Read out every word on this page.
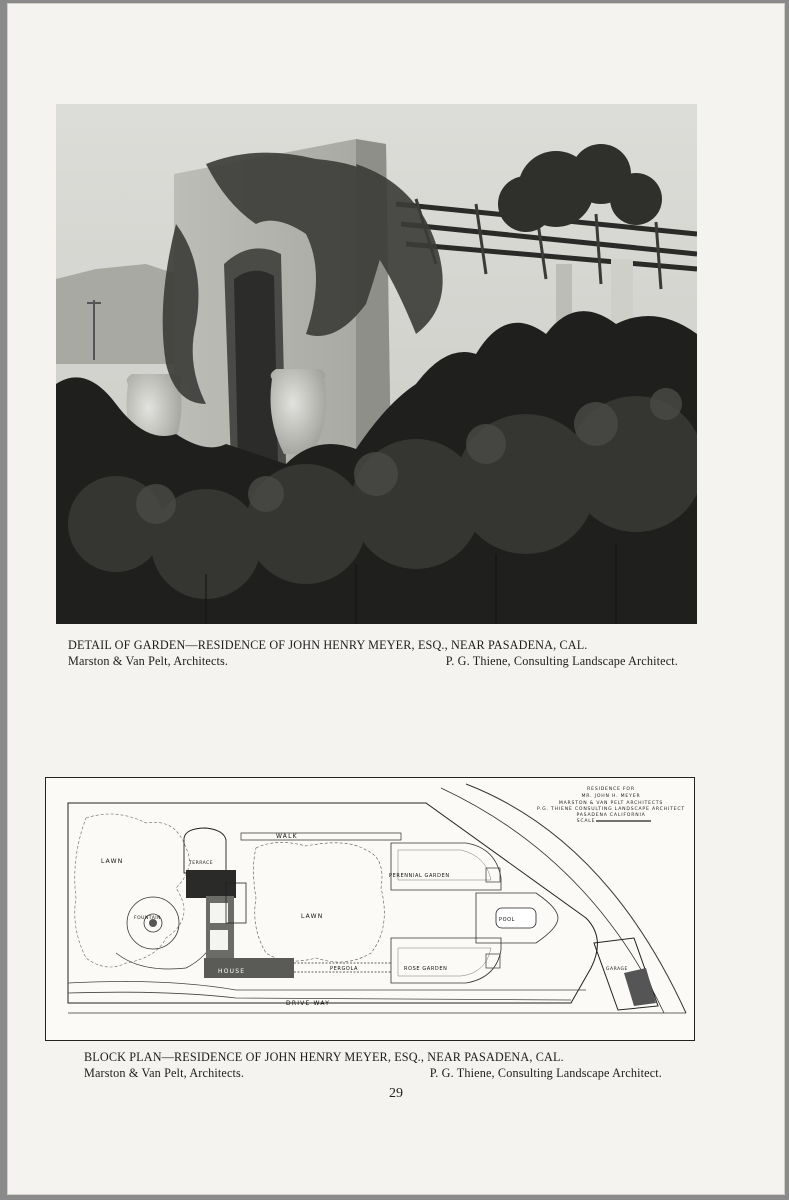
DETAIL OF GARDEN—RESIDENCE OF JOHN HENRY MEYER, ESQ., NEAR PASADENA, CAL.
Marston & Van Pelt, Architects.	P. G. Thiene, Consulting Landscape Architect.
RESIDENCE FOR
MR. JOHN H. MEYER
MARSTON & VAN PELT ARCHITECTS
P.G. THIENE CONSULTING LANDSCAPE ARCHITECT
PASADENA CALIFORNIA
SCALE
WALK
LAWN	TERRACE
FOUNTAIN
HOUSE
LAWN
PERENNIAL GARDEN
POOL
PERGOLA	ROSE GARDEN
DRIVE WAY
GARAGE
BLOCK PLAN—RESIDENCE OF JOHN HENRY MEYER, ESQ., NEAR PASADENA, CAL.
Marston & Van Pelt, Architects.	P. G. Thiene, Consulting Landscape Architect.
29
